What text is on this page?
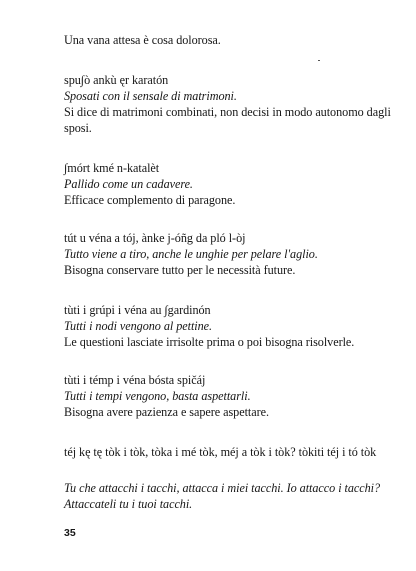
Una vana attesa è cosa dolorosa.
spu∫ò ankù ęr karatón
Sposati con il sensale di matrimoni.
Si dice di matrimoni combinati, non decisi in modo autonomo dagli
sposi.
∫mórt kmé n-katalèt
Pallido come un cadavere.
Efficace complemento di paragone.
tút u véna a tój, ànke j-óñg da pló l-òj
Tutto viene a tiro, anche le unghie per pelare l'aglio.
Bisogna conservare tutto per le necessità future.
tùti i grúpi i véna au ∫gardinón
Tutti i nodi vengono al pettine.
Le questioni lasciate irrisolte prima o poi bisogna risolverle.
tùti i témp i véna bósta spičáj
Tutti i tempi vengono, basta aspettarli.
Bisogna avere pazienza e sapere aspettare.
téj kę tę tòk i tòk, tòka i mé tòk, méj a tòk i tòk? tòkiti téj i tó tòk
Tu che attacchi i tacchi, attacca i miei tacchi. Io attacco i tacchi?
Attaccateli tu i tuoi tacchi.
35
